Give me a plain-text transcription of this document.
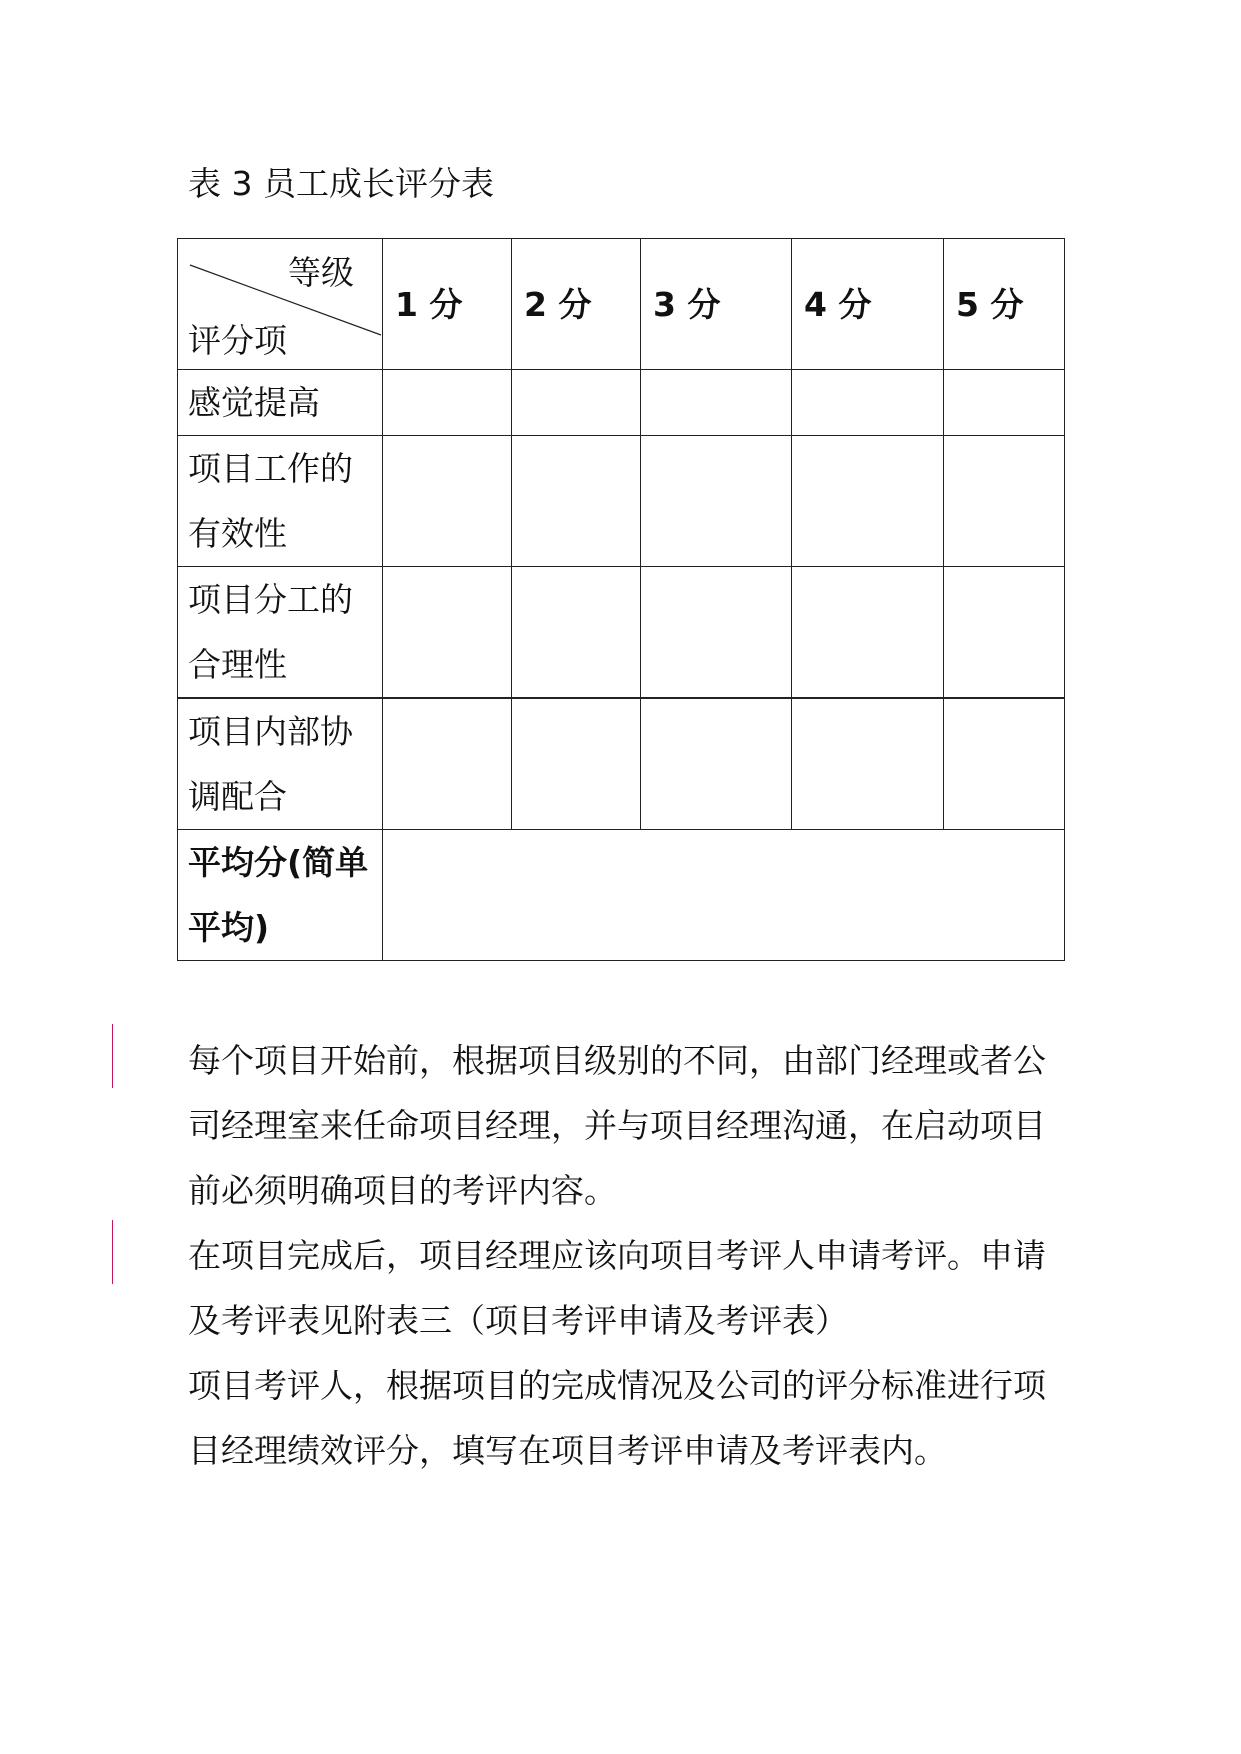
表 3 员工成长评分表
等级
评分项	1 分	2 分	3 分	4 分	5 分
感觉提高					
项目工作的有效性					
项目分工的合理性					
项目内部协调配合					
平均分(简单平均)					

每个项目开始前，根据项目级别的不同，由部门经理或者公司经理室来任命项目经理，并与项目经理沟通，在启动项目前必须明确项目的考评内容。

在项目完成后，项目经理应该向项目考评人申请考评。申请及考评表见附表三（项目考评申请及考评表）

项目考评人，根据项目的完成情况及公司的评分标准进行项目经理绩效评分，填写在项目考评申请及考评表内。
